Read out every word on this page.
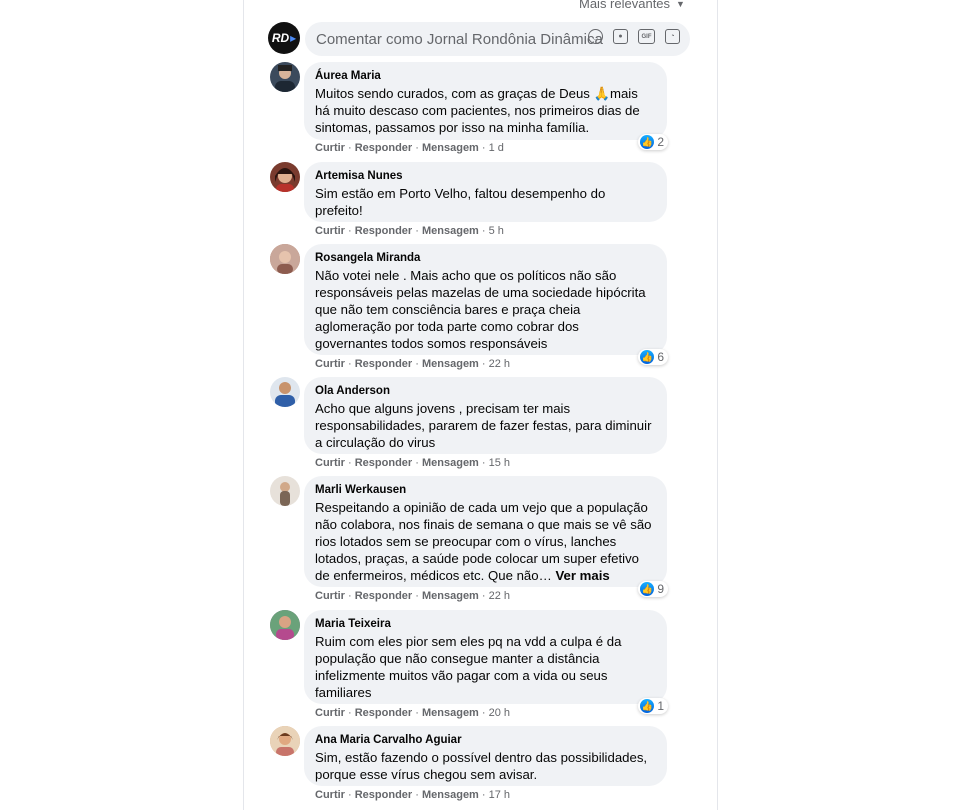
Mais relevantes ▼
RD ▸
Comentar como Jornal Rondônia Dinâmica	◡	●	GIF	◔
Áurea Maria
Muitos sendo curados, com as graças de Deus 🙏mais há muito descaso com pacientes, nos primeiros dias de sintomas, passamos por isso na minha família.
👍 2
Curtir · Responder · Mensagem · 1 d
Artemisa Nunes
Sim estão em Porto Velho, faltou desempenho do prefeito!
Curtir · Responder · Mensagem · 5 h
Rosangela Miranda
Não votei nele . Mais acho que os políticos não são responsáveis pelas mazelas de uma sociedade hipócrita que não tem consciência bares e praça cheia aglomeração por toda parte como cobrar dos governantes todos somos responsáveis
👍 6
Curtir · Responder · Mensagem · 22 h
Ola Anderson
Acho que alguns jovens , precisam ter mais responsabilidades, pararem de fazer festas, para diminuir a circulação do virus
Curtir · Responder · Mensagem · 15 h
Marli Werkausen
Respeitando a opinião de cada um vejo que a população não colabora, nos finais de semana o que mais se vê são rios lotados sem se preocupar com o vírus, lanches lotados, praças, a saúde pode colocar um super efetivo de enfermeiros, médicos etc. Que não… Ver mais
👍 9
Curtir · Responder · Mensagem · 22 h
Maria Teixeira
Ruim com eles pior sem eles pq na vdd a culpa é da população que não consegue manter a distância infelizmente muitos vão pagar com a vida ou seus familiares
👍 1
Curtir · Responder · Mensagem · 20 h
Ana Maria Carvalho Aguiar
Sim, estão fazendo o possível dentro das possibilidades, porque esse vírus chegou sem avisar.
Curtir · Responder · Mensagem · 17 h
